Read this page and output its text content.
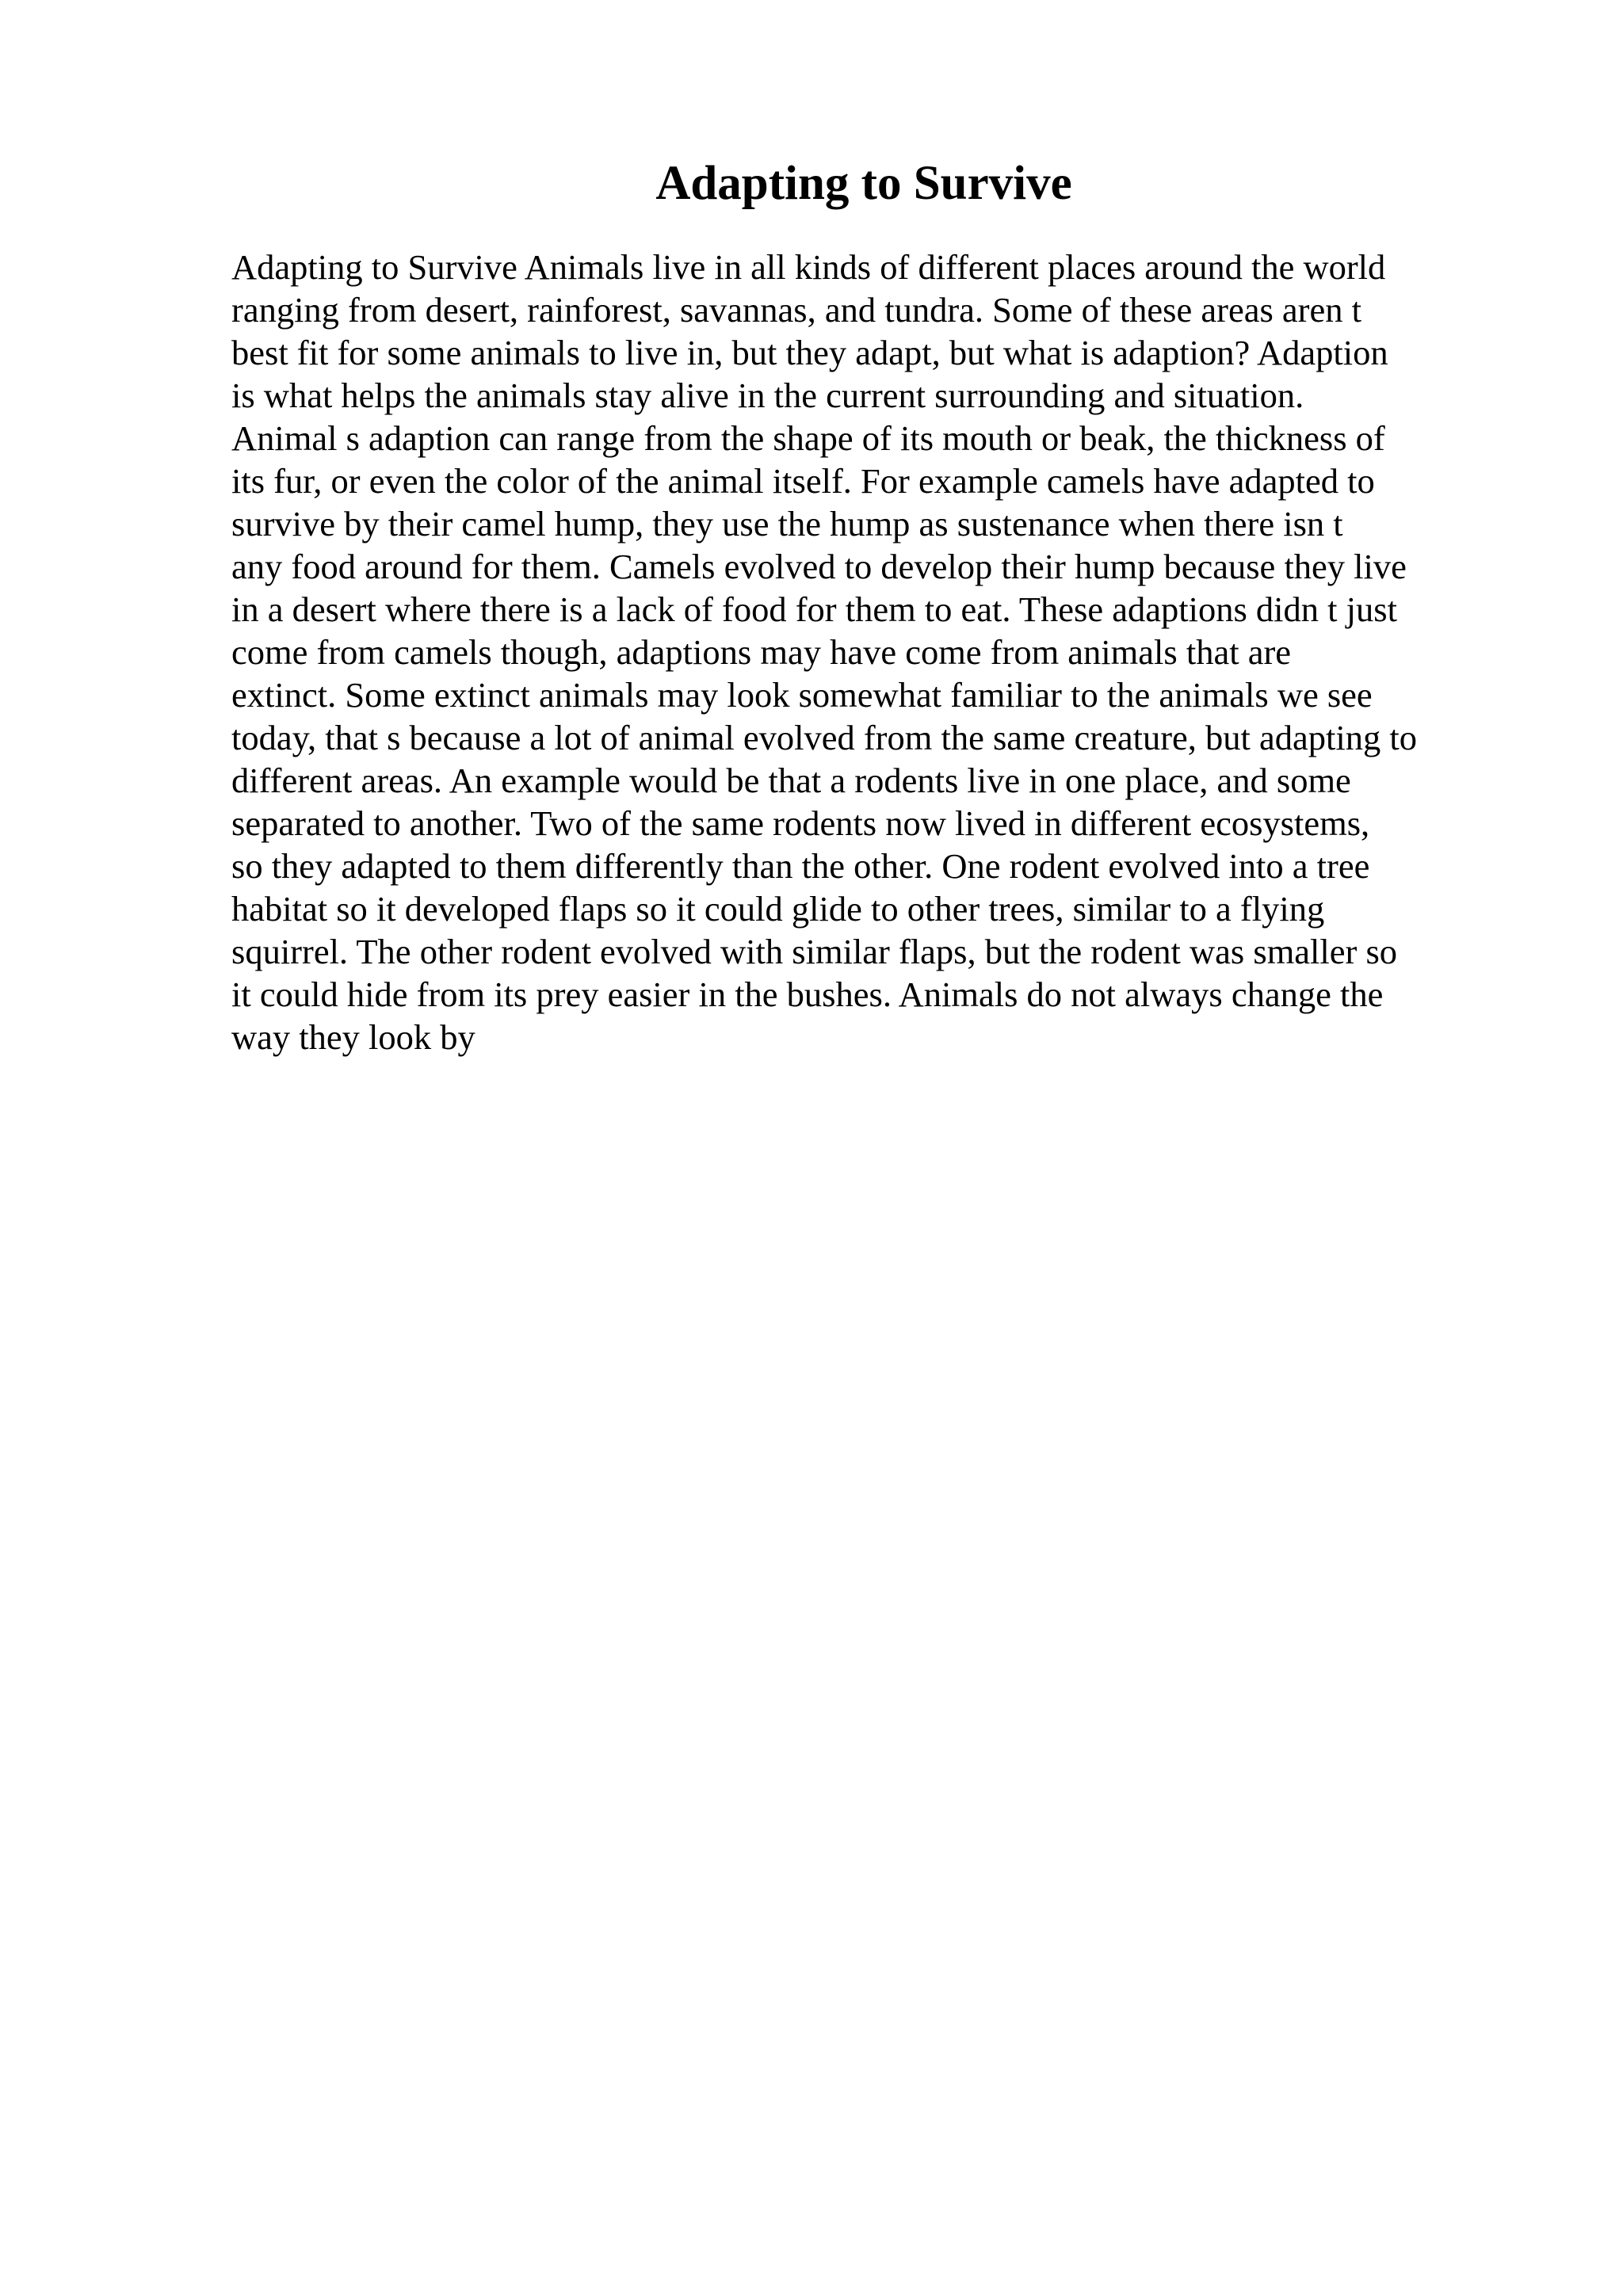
Adapting to Survive
Adapting to Survive Animals live in all kinds of different places around the world
ranging from desert, rainforest, savannas, and tundra. Some of these areas aren t
best fit for some animals to live in, but they adapt, but what is adaption? Adaption
is what helps the animals stay alive in the current surrounding and situation.
Animal s adaption can range from the shape of its mouth or beak, the thickness of
its fur, or even the color of the animal itself. For example camels have adapted to
survive by their camel hump, they use the hump as sustenance when there isn t
any food around for them. Camels evolved to develop their hump because they live
in a desert where there is a lack of food for them to eat. These adaptions didn t just
come from camels though, adaptions may have come from animals that are
extinct. Some extinct animals may look somewhat familiar to the animals we see
today, that s because a lot of animal evolved from the same creature, but adapting to
different areas. An example would be that a rodents live in one place, and some
separated to another. Two of the same rodents now lived in different ecosystems,
so they adapted to them differently than the other. One rodent evolved into a tree
habitat so it developed flaps so it could glide to other trees, similar to a flying
squirrel. The other rodent evolved with similar flaps, but the rodent was smaller so
it could hide from its prey easier in the bushes. Animals do not always change the
way they look by
